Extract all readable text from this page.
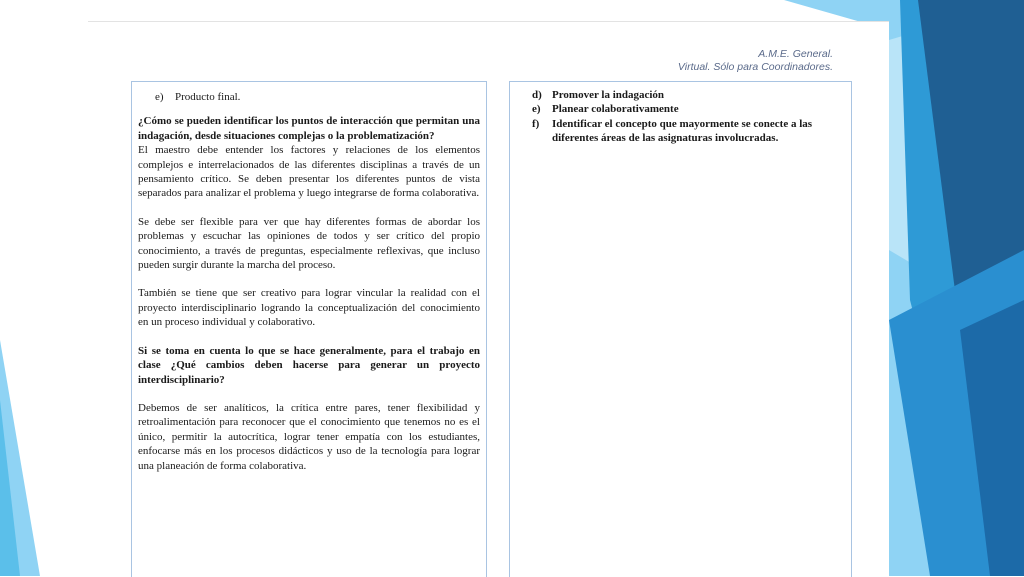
A.M.E. General.
Virtual. Sólo para Coordinadores.
e)	Producto final.

¿Cómo se pueden identificar los puntos de interacción que permitan una indagación, desde situaciones complejas o la problematización?

El maestro debe entender los factores y relaciones de los elementos complejos e interrelacionados de las diferentes disciplinas a través de un pensamiento crítico. Se deben presentar los diferentes puntos de vista separados para analizar el problema y luego integrarse de forma colaborativa.

Se debe ser flexible para ver que hay diferentes formas de abordar los problemas y escuchar las opiniones de todos y ser crítico del propio conocimiento, a través de preguntas, especialmente reflexivas, que incluso pueden surgir durante la marcha del proceso.

También se tiene que ser creativo para lograr vincular la realidad con el proyecto interdisciplinario logrando la conceptualización del conocimiento en un proceso individual y colaborativo.

Si se toma en cuenta lo que se hace generalmente, para el trabajo en clase ¿Qué cambios deben hacerse para generar un proyecto interdisciplinario?

Debemos de ser analíticos, la crítica entre pares, tener flexibilidad y retroalimentación para reconocer que el conocimiento que tenemos no es el único, permitir la autocrítica, lograr tener empatía con los estudiantes, enfocarse más en los procesos didácticos y uso de la tecnología para lograr una planeación de forma colaborativa.

d) Promover la indagación
e)	Planear colaborativamente
f)	Identificar el concepto que mayormente se conecte a las diferentes áreas de las asignaturas involucradas.
